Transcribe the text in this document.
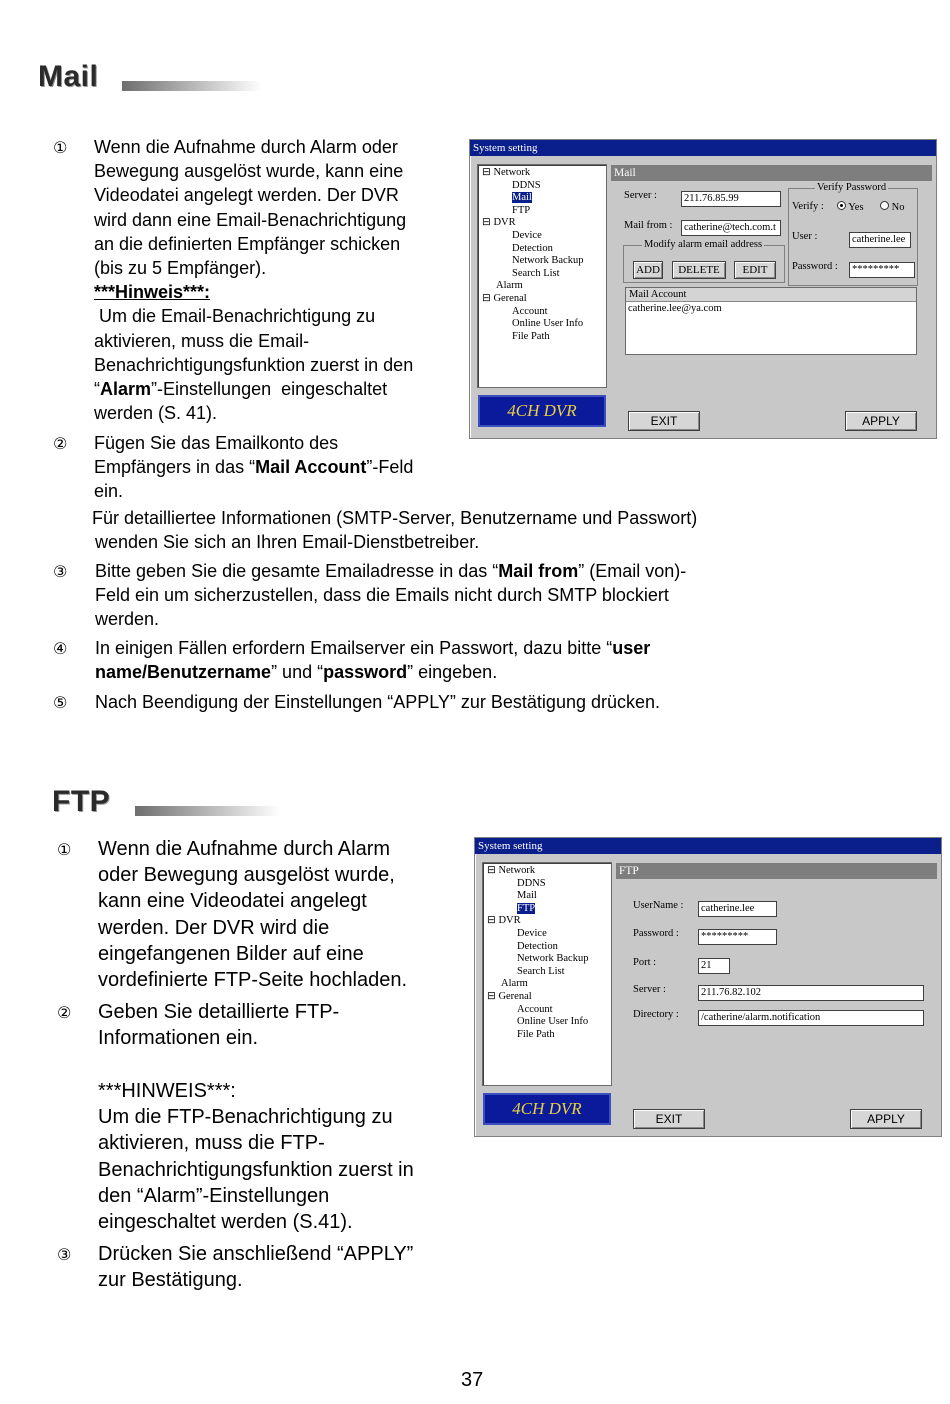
Mail
① Wenn die Aufnahme durch Alarm oder
Bewegung ausgelöst wurde, kann eine
Videodatei angelegt werden. Der DVR
wird dann eine Email-Benachrichtigung
an die definierten Empfänger schicken
(bis zu 5 Empfänger).
***Hinweis***:
Um die Email-Benachrichtigung zu
aktivieren, muss die Email-
Benachrichtigungsfunktion zuerst in den
“Alarm”-Einstellungen  eingeschaltet
werden (S. 41).
② Fügen Sie das Emailkonto des
Empfängers in das “Mail Account”-Feld
ein.
Für detailliertee Informationen (SMTP-Server, Benutzername und Passwort)
wenden Sie sich an Ihren Email-Dienstbetreiber.
③ Bitte geben Sie die gesamte Emailadresse in das “Mail from” (Email von)-
Feld ein um sicherzustellen, dass die Emails nicht durch SMTP blockiert
werden.
④ In einigen Fällen erfordern Emailserver ein Passwort, dazu bitte “user
name/Benutzername” und “password” eingeben.
⑤ Nach Beendigung der Einstellungen “APPLY” zur Bestätigung drücken.
System setting
⊟ Network
DDNS
Mail
FTP
⊟ DVR
Device
Detection
Network Backup
Search List
Alarm
⊟ Gerenal
Account
Online User Info
File Path
Mail
Server :	211.76.85.99
Mail from : catherine@tech.com.t
Modify alarm email address
ADD	DELETE	EDIT
Verify Password
Verify :	Yes	No
User :	catherine.lee
Password : *********
Mail Account
catherine.lee@ya.com
4CH DVR
EXIT	APPLY
FTP
① Wenn die Aufnahme durch Alarm
oder Bewegung ausgelöst wurde,
kann eine Videodatei angelegt
werden. Der DVR wird die
eingefangenen Bilder auf eine
vordefinierte FTP-Seite hochladen.
② Geben Sie detaillierte FTP-
Informationen ein.
***HINWEIS***:
Um die FTP-Benachrichtigung zu
aktivieren, muss die FTP-
Benachrichtigungsfunktion zuerst in
den “Alarm”-Einstellungen
eingeschaltet werden (S.41).
③ Drücken Sie anschließend “APPLY”
zur Bestätigung.
System setting
⊟ Network
DDNS
Mail
FTP
⊟ DVR
Device
Detection
Network Backup
Search List
Alarm
⊟ Gerenal
Account
Online User Info
File Path
FTP
UserName : catherine.lee
Password : *********
Port :	21
Server :	211.76.82.102
Directory : /catherine/alarm.notification
4CH DVR
EXIT	APPLY
37
